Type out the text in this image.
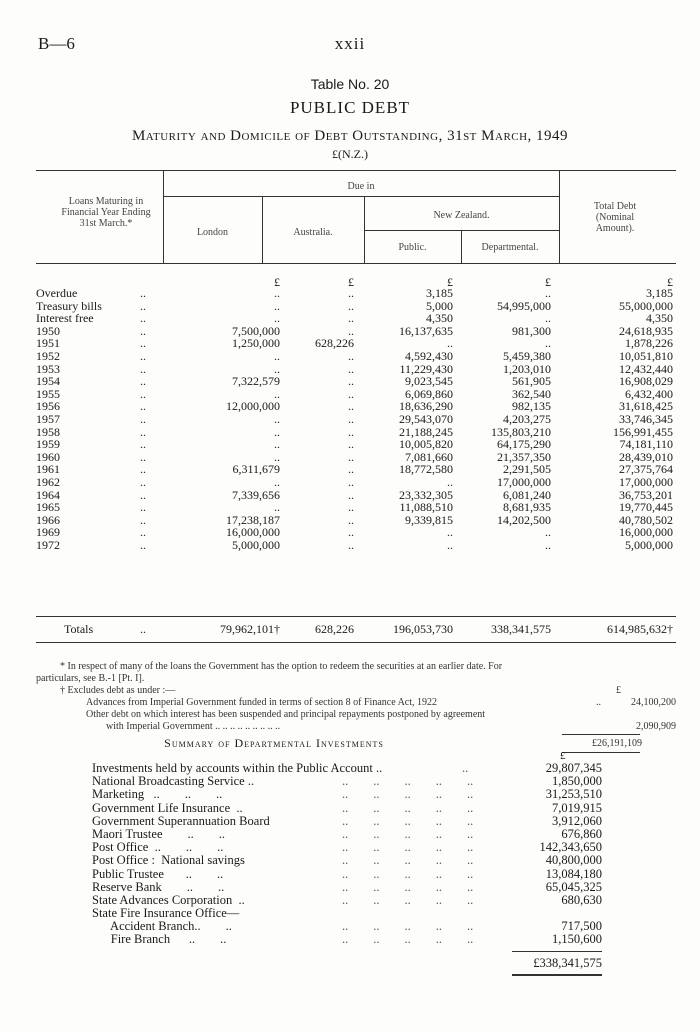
B—6	xxii
Table No. 20
PUBLIC DEBT
Maturity and Domicile of Debt Outstanding, 31st March, 1949
£(N.Z.)
Loans Maturing in Financial Year Ending 31st March.*
Due in
London	Australia.
New Zealand.
Public.	Departmental.
Total Debt (Nominal Amount).
£	£	£	£	£
Overdue	..	..	..	3,185	..	3,185
Treasury bills	..	..	..	5,000	54,995,000	55,000,000
Interest free	..	..	..	4,350	..	4,350
1950	..	7,500,000	..	16,137,635	981,300	24,618,935
1951	..	1,250,000	628,226	..	..	1,878,226
1952	..	..	..	4,592,430	5,459,380	10,051,810
1953	..	..	..	11,229,430	1,203,010	12,432,440
1954	..	7,322,579	..	9,023,545	561,905	16,908,029
1955	..	..	..	6,069,860	362,540	6,432,400
1956	..	12,000,000	..	18,636,290	982,135	31,618,425
1957	..	..	..	29,543,070	4,203,275	33,746,345
1958	..	..	..	21,188,245	135,803,210	156,991,455
1959	..	..	..	10,005,820	64,175,290	74,181,110
1960	..	..	..	7,081,660	21,357,350	28,439,010
1961	..	6,311,679	..	18,772,580	2,291,505	27,375,764
1962	..	..	..	..	17,000,000	17,000,000
1964	..	7,339,656	..	23,332,305	6,081,240	36,753,201
1965	..	..	..	11,088,510	8,681,935	19,770,445
1966	..	17,238,187	..	9,339,815	14,202,500	40,780,502
1969	..	16,000,000	..	..	..	16,000,000
1972	..	5,000,000	..	..	..	5,000,000
Totals	..	79,962,101†	628,226	196,053,730	338,341,575	614,985,632†
* In respect of many of the loans the Government has the option to redeem the securities at an earlier date. For
particulars, see B.-1 [Pt. I].
† Excludes debt as under :—	£
Advances from Imperial Government funded in terms of section 8 of Finance Act, 1922	..	24,100,200
Other debt on which interest has been suspended and principal repayments postponed by agreement
with Imperial Government .. .. .. .. .. .. .. .. ..	2,090,909
£26,191,109
Summary of Departmental Investments
£
Investments held by accounts within the Public Account ..	..	29,807,345
National Broadcasting Service ..	..        ..        ..        ..        ..	1,850,000
Marketing   ..        ..        ..	..        ..        ..        ..        ..	31,253,510
Government Life Insurance  ..	..        ..        ..        ..        ..	7,019,915
Government Superannuation Board	..        ..        ..        ..        ..	3,912,060
Maori Trustee        ..        ..	..        ..        ..        ..        ..	676,860
Post Office  ..        ..        ..	..        ..        ..        ..        ..	142,343,650
Post Office :  National savings	..        ..        ..        ..        ..	40,800,000
Public Trustee       ..        ..	..        ..        ..        ..        ..	13,084,180
Reserve Bank        ..        ..	..        ..        ..        ..        ..	65,045,325
State Advances Corporation  ..	..        ..        ..        ..        ..	680,630
State Fire Insurance Office—
Accident Branch..        ..	..        ..        ..        ..        ..	717,500
Fire Branch      ..        ..	..        ..        ..        ..        ..	1,150,600
£338,341,575
